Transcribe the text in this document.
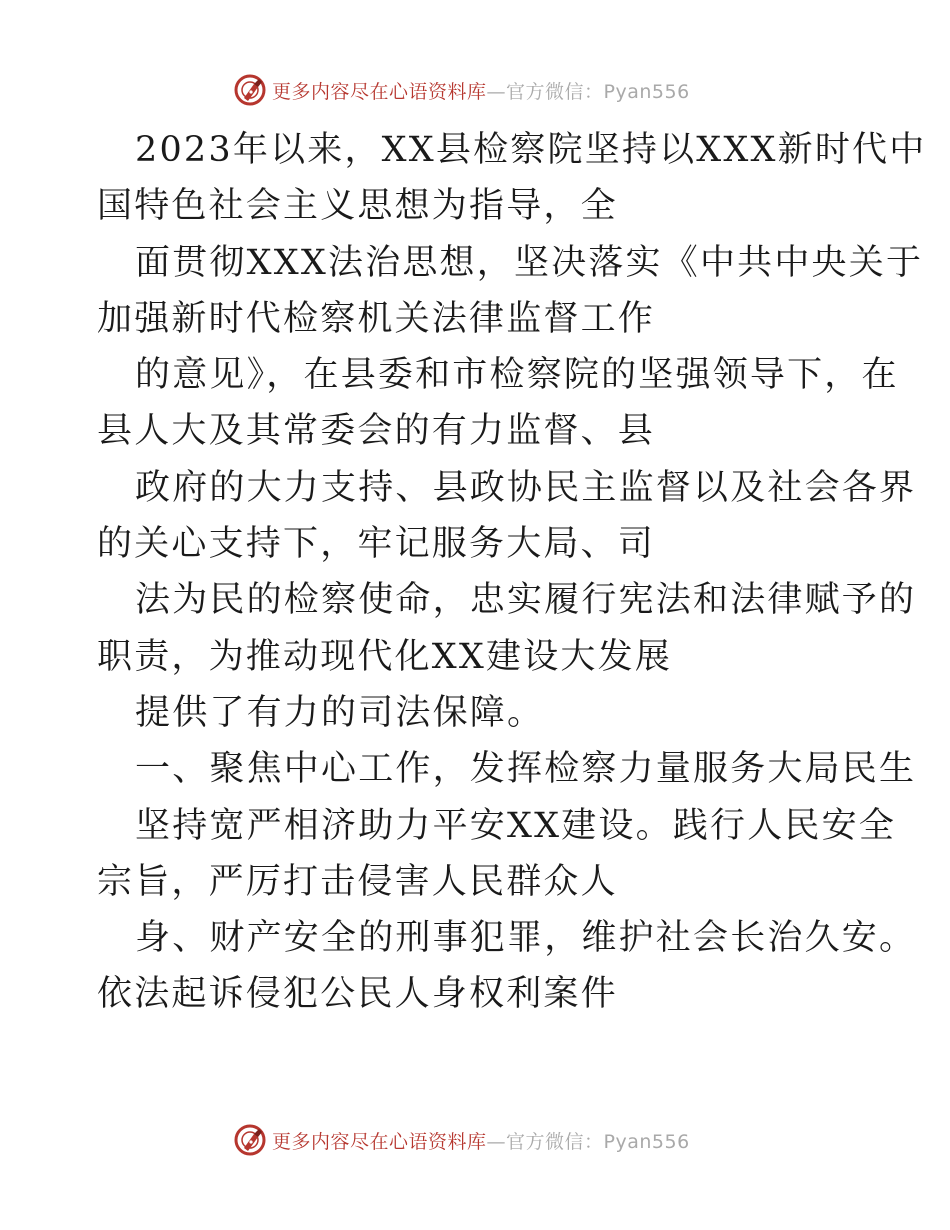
更多内容尽在心语资料库—官方微信：Pyan556
2023年以来，XX县检察院坚持以XXX新时代中
国特色社会主义思想为指导，全
面贯彻XXX法治思想，坚决落实《中共中央关于
加强新时代检察机关法律监督工作
的意见》，在县委和市检察院的坚强领导下，在
县人大及其常委会的有力监督、县
政府的大力支持、县政协民主监督以及社会各界
的关心支持下，牢记服务大局、司
法为民的检察使命，忠实履行宪法和法律赋予的
职责，为推动现代化XX建设大发展
提供了有力的司法保障。
一、聚焦中心工作，发挥检察力量服务大局民生
坚持宽严相济助力平安XX建设。践行人民安全
宗旨，严厉打击侵害人民群众人
身、财产安全的刑事犯罪，维护社会长治久安。
依法起诉侵犯公民人身权利案件
更多内容尽在心语资料库—官方微信：Pyan556
